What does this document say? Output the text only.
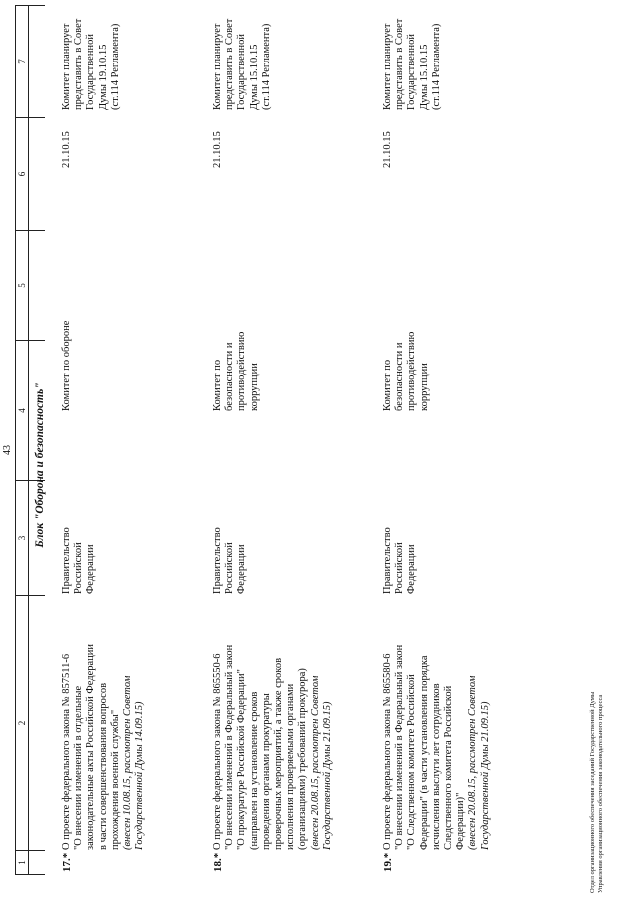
43
1
2
3
4
5
6
7
Блок "Оборона и безопасность"
17.*
О проекте федерального закона № 857511-6 "О внесении изменений в отдельные законодательные акты Российской Федерации в части совершенствования вопросов прохождения военной службы" (внесен 10.08.15, рассмотрен Советом Государственной Думы 14.09.15)
Правительство Российской Федерации
Комитет по обороне
21.10.15
Комитет планирует представить в Совет Государственной Думы 19.10.15 (ст.114 Регламента)
18.*
О проекте федерального закона № 865550-6 "О внесении изменений в Федеральный закон "О прокуратуре Российской Федерации" (направлен на установление сроков проведения органами прокуратуры проверочных мероприятий, а также сроков исполнения проверяемыми органами (организациями) требований прокурора) (внесен 20.08.15, рассмотрен Советом Государственной Думы 21.09.15)
Правительство Российской Федерации
Комитет по безопасности и противодействию коррупции
21.10.15
Комитет планирует представить в Совет Государственной Думы 15.10.15 (ст.114 Регламента)
19.*
О проекте федерального закона № 865580-6 "О внесении изменений в Федеральный закон "О Следственном комитете Российской Федерации" (в части установления порядка исчисления выслуги лет сотрудников Следственного комитета Российской Федерации)" (внесен 20.08.15, рассмотрен Советом Государственной Думы 21.09.15)
Правительство Российской Федерации
Комитет по безопасности и противодействию коррупции
21.10.15
Комитет планирует представить в Совет Государственной Думы 15.10.15 (ст.114 Регламента)
Отдел организационного обеспечения заседаний Государственной Думы Управления организационного обеспечения законодательного процесса
